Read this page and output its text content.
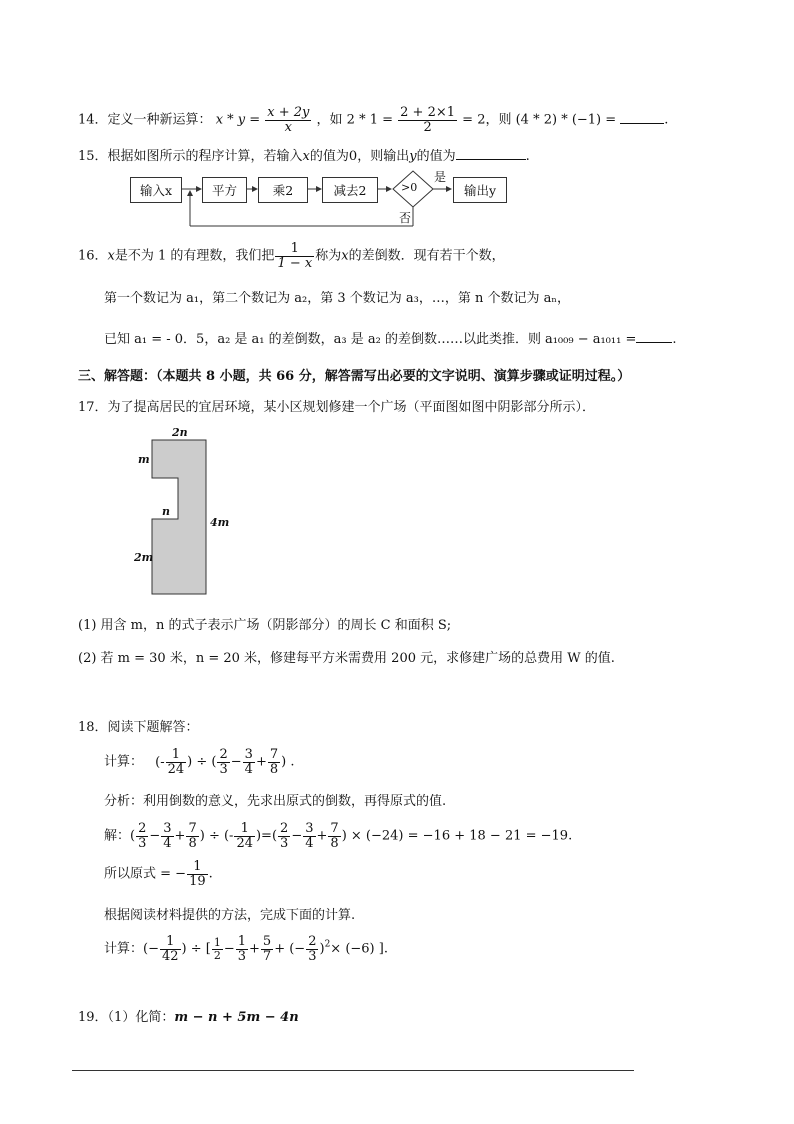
14．定义一种新运算： $x * y = \frac{x + 2y}{x}$ ，如 $2 * 1 = \frac{2 + 2\times 1}{2} = 2$，则 (4 * 2) * (−1) =	.
15．根据如图所示的程序计算，若输入x的值为0，则输出y的值为	.
输入x	平方	乘2	减去2	>0
是
否
输出y
16．x是不为 1 的有理数，我们把 $\frac{1}{1 - x}$ 称为x的差倒数．现有若干个数，
第一个数记为 a₁，第二个数记为 a₂，第 3 个数记为 a₃，…，第 n 个数记为 aₙ，
已知 a₁ = - 0．5，a₂ 是 a₁ 的差倒数，a₃ 是 a₂ 的差倒数……以此类推．则 a₁₀₀₉ − a₁₀₁₁ =	.
三、解答题：（本题共 8 小题，共 66 分，解答需写出必要的文字说明、演算步骤或证明过程。）
17．为了提高居民的宜居环境，某小区规划修建一个广场（平面图如图中阴影部分所示）．
2n
m
n
4m
2m
(1) 用含 m，n 的式子表示广场（阴影部分）的周长 C 和面积 S;
(2) 若 m = 30 米，n = 20 米，修建每平方米需费用 200 元，求修建广场的总费用 W 的值.
18．阅读下题解答：
计算： (- $\frac{1}{24}$ ) ÷ ( $\frac{2}{3} - \frac{3}{4} + \frac{7}{8}$ ) .
分析：利用倒数的意义，先求出原式的倒数，再得原式的值.
解：( $\frac{2}{3} - \frac{3}{4} + \frac{7}{8}$ ) ÷ (- $\frac{1}{24}$ )=( $\frac{2}{3} - \frac{3}{4} + \frac{7}{8}$ ) × (−24) = −16 + 18 − 21 = −19.
所以原式 = − $\frac{1}{19}$ .
根据阅读材料提供的方法，完成下面的计算.
计算：(− $\frac{1}{42}$ ) ÷ [ $\frac{1}{2} - \frac{1}{3} + \frac{5}{7}$ + (− $\frac{2}{3} )^2\times (-6)$ ].
19．（1）化简：m − n + 5m − 4n
